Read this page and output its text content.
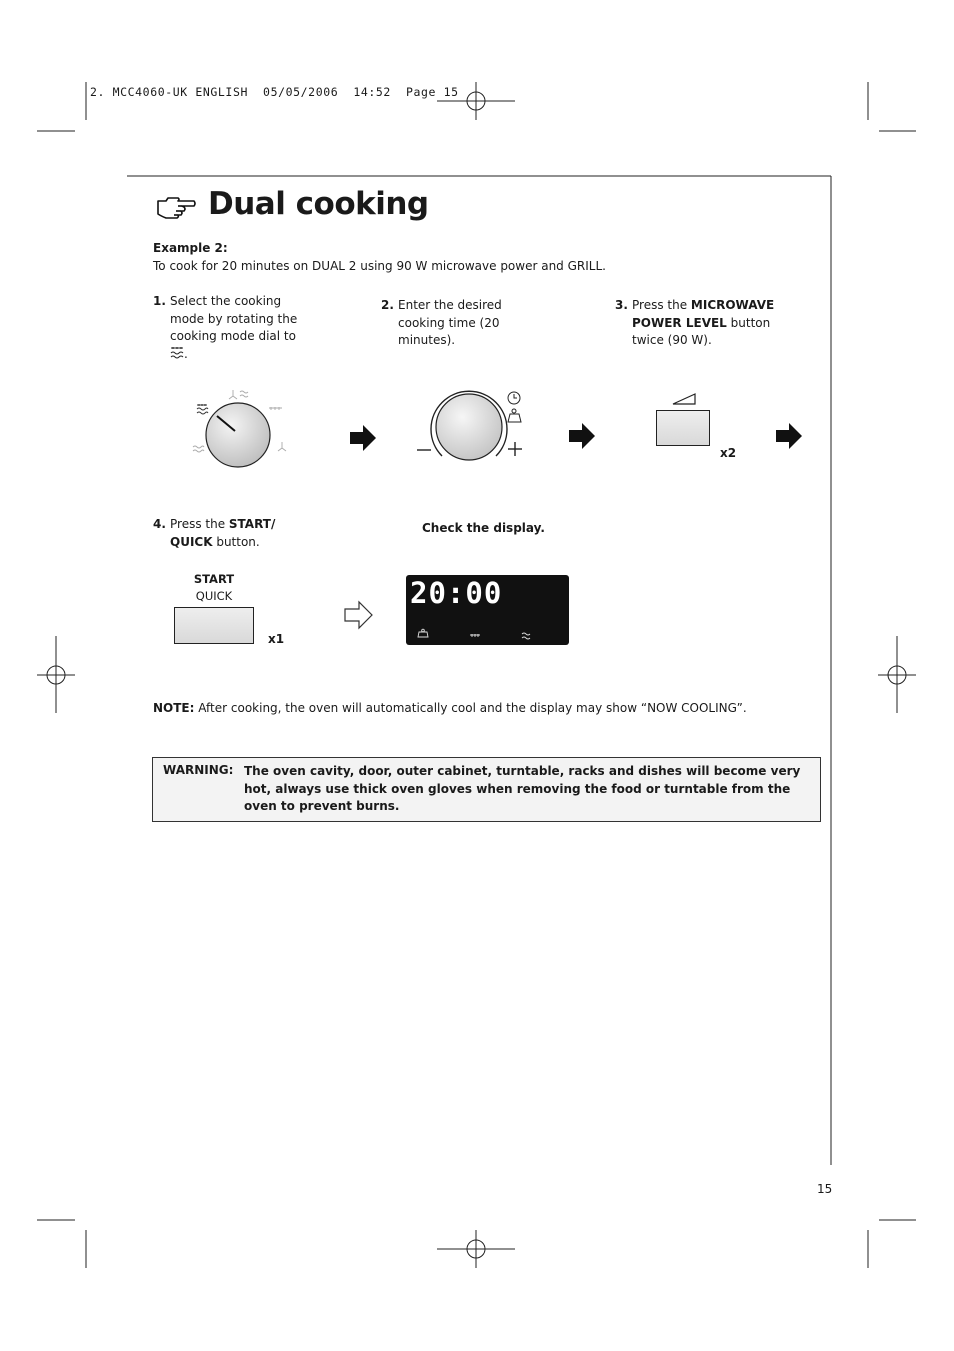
2. MCC4060-UK ENGLISH  05/05/2006  14:52  Page 15
Dual cooking
Example 2:
To cook for 20 minutes on DUAL 2 using 90 W microwave power and GRILL.
1. Select the cooking
mode by rotating the
cooking mode dial to
.
2. Enter the desired
cooking time (20
minutes).
3. Press the MICROWAVE
POWER LEVEL button
twice (90 W).
x2
4. Press the START/
QUICK button.
Check the display.
START
QUICK
x1
20:00
NOTE: After cooking, the oven will automatically cool and the display may show “NOW COOLING”.
WARNING: The oven cavity, door, outer cabinet, turntable, racks and dishes will become very hot, always use thick oven gloves when removing the food or turntable from the oven to prevent burns.
15
